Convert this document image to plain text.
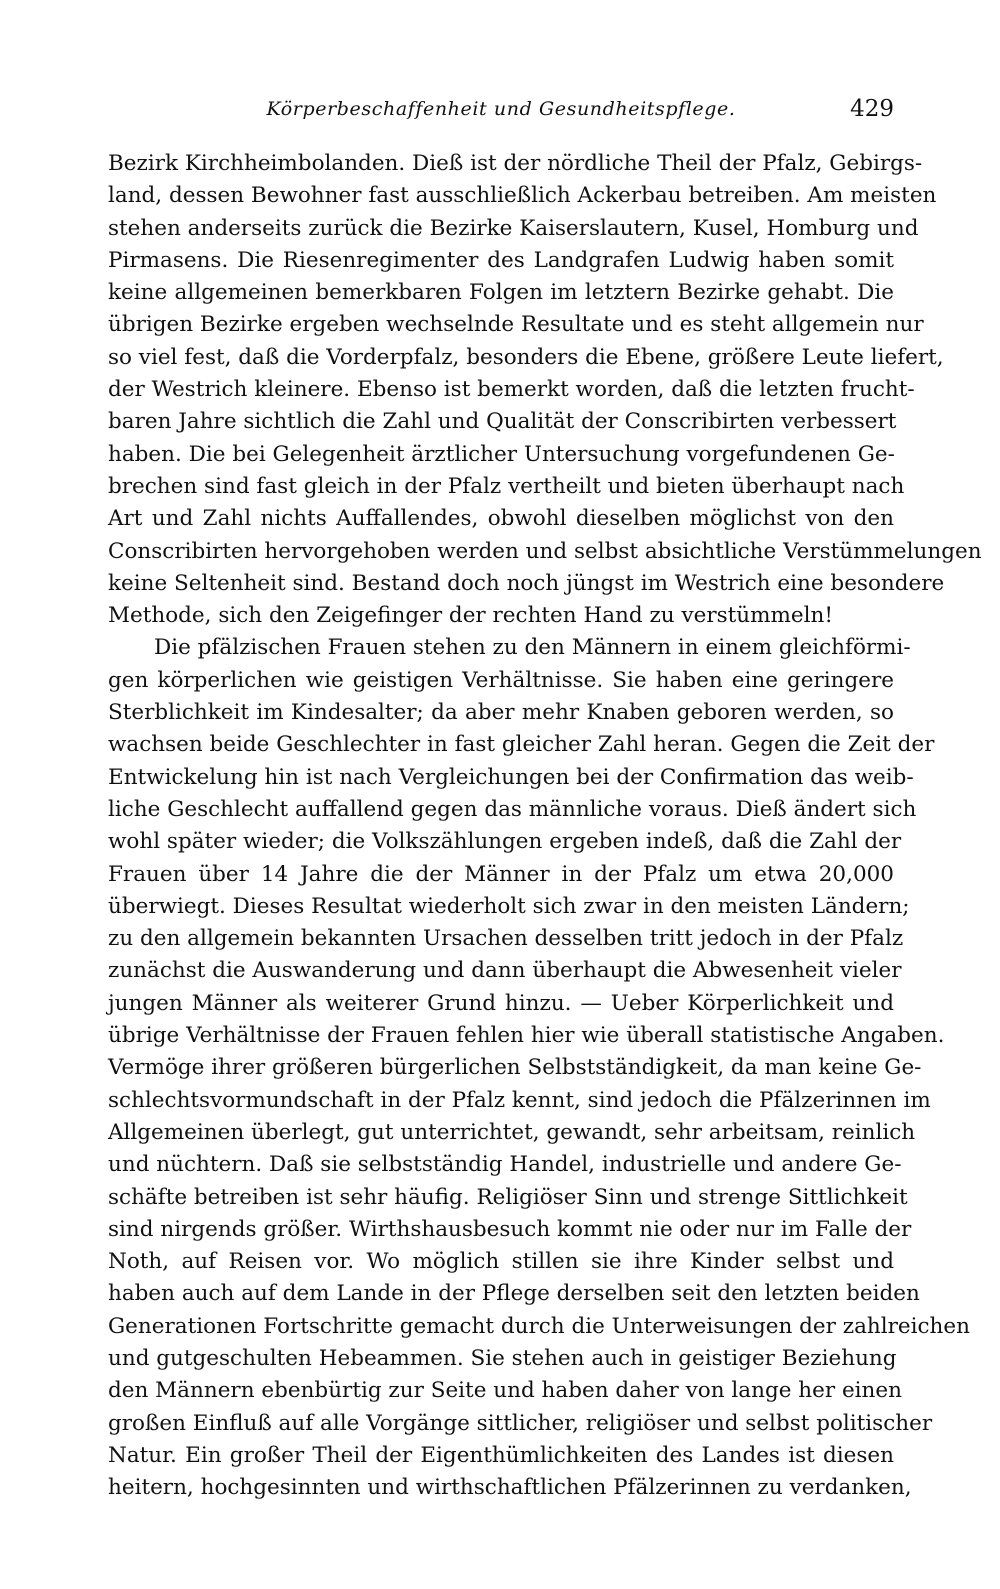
Körperbeschaffenheit und Gesundheitspflege.	429
Bezirk Kirchheimbolanden. Dieß ist der nördliche Theil der Pfalz, Gebirgs-
land, dessen Bewohner fast ausschließlich Ackerbau betreiben. Am meisten
stehen anderseits zurück die Bezirke Kaiserslautern, Kusel, Homburg und
Pirmasens. Die Riesenregimenter des Landgrafen Ludwig haben somit
keine allgemeinen bemerkbaren Folgen im letztern Bezirke gehabt. Die
übrigen Bezirke ergeben wechselnde Resultate und es steht allgemein nur
so viel fest, daß die Vorderpfalz, besonders die Ebene, größere Leute liefert,
der Westrich kleinere. Ebenso ist bemerkt worden, daß die letzten frucht-
baren Jahre sichtlich die Zahl und Qualität der Conscribirten verbessert
haben. Die bei Gelegenheit ärztlicher Untersuchung vorgefundenen Ge-
brechen sind fast gleich in der Pfalz vertheilt und bieten überhaupt nach
Art und Zahl nichts Auffallendes, obwohl dieselben möglichst von den
Conscribirten hervorgehoben werden und selbst absichtliche Verstümmelungen
keine Seltenheit sind. Bestand doch noch jüngst im Westrich eine besondere
Methode, sich den Zeigefinger der rechten Hand zu verstümmeln!
Die pfälzischen Frauen stehen zu den Männern in einem gleichförmi-
gen körperlichen wie geistigen Verhältnisse. Sie haben eine geringere
Sterblichkeit im Kindesalter; da aber mehr Knaben geboren werden, so
wachsen beide Geschlechter in fast gleicher Zahl heran. Gegen die Zeit der
Entwickelung hin ist nach Vergleichungen bei der Confirmation das weib-
liche Geschlecht auffallend gegen das männliche voraus. Dieß ändert sich
wohl später wieder; die Volkszählungen ergeben indeß, daß die Zahl der
Frauen über 14 Jahre die der Männer in der Pfalz um etwa 20,000
überwiegt. Dieses Resultat wiederholt sich zwar in den meisten Ländern;
zu den allgemein bekannten Ursachen desselben tritt jedoch in der Pfalz
zunächst die Auswanderung und dann überhaupt die Abwesenheit vieler
jungen Männer als weiterer Grund hinzu. — Ueber Körperlichkeit und
übrige Verhältnisse der Frauen fehlen hier wie überall statistische Angaben.
Vermöge ihrer größeren bürgerlichen Selbstständigkeit, da man keine Ge-
schlechtsvormundschaft in der Pfalz kennt, sind jedoch die Pfälzerinnen im
Allgemeinen überlegt, gut unterrichtet, gewandt, sehr arbeitsam, reinlich
und nüchtern. Daß sie selbstständig Handel, industrielle und andere Ge-
schäfte betreiben ist sehr häufig. Religiöser Sinn und strenge Sittlichkeit
sind nirgends größer. Wirthshausbesuch kommt nie oder nur im Falle der
Noth, auf Reisen vor. Wo möglich stillen sie ihre Kinder selbst und
haben auch auf dem Lande in der Pflege derselben seit den letzten beiden
Generationen Fortschritte gemacht durch die Unterweisungen der zahlreichen
und gutgeschulten Hebeammen. Sie stehen auch in geistiger Beziehung
den Männern ebenbürtig zur Seite und haben daher von lange her einen
großen Einfluß auf alle Vorgänge sittlicher, religiöser und selbst politischer
Natur. Ein großer Theil der Eigenthümlichkeiten des Landes ist diesen
heitern, hochgesinnten und wirthschaftlichen Pfälzerinnen zu verdanken,
